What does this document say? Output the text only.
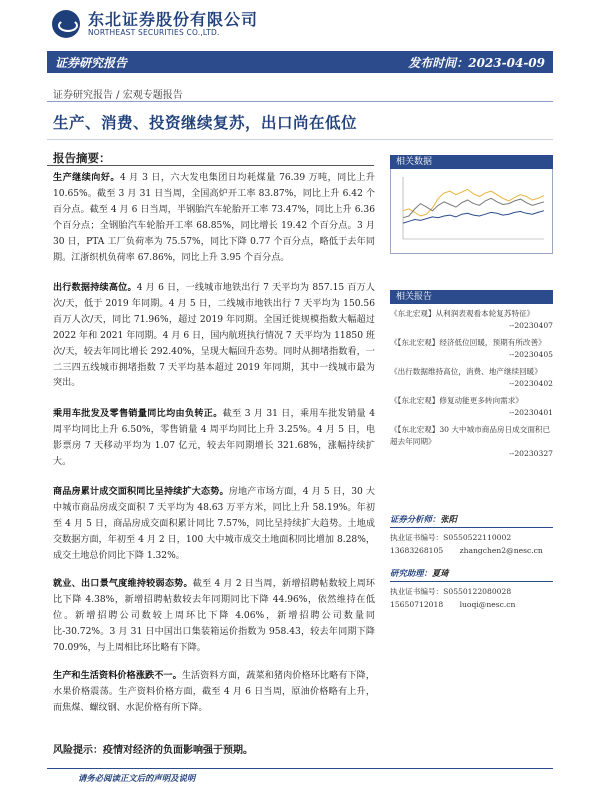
东北证券股份有限公司
NORTHEAST SECURITIES CO.,LTD.
证券研究报告	发布时间：2023-04-09
证券研究报告 / 宏观专题报告
生产、消费、投资继续复苏，出口尚在低位
报告摘要：
生产继续向好。4 月 3 日，六大发电集团日均耗煤量 76.39 万吨，同比上升 10.65%。截至 3 月 31 日当周，全国高炉开工率 83.87%，同比上升 6.42 个百分点。截至 4 月 6 日当周，半钢胎汽车轮胎开工率 73.47%，同比上升 6.36 个百分点；全钢胎汽车轮胎开工率 68.85%，同比增长 19.42 个百分点。3 月 30 日，PTA 工厂负荷率为 75.57%，同比下降 0.77 个百分点，略低于去年同期。江浙织机负荷率 67.86%，同比上升 3.95 个百分点。
出行数据持续高位。4 月 6 日，一线城市地铁出行 7 天平均为 857.15 百万人次/天，低于 2019 年同期。4 月 5 日，二线城市地铁出行 7 天平均为 150.56 百万人次/天，同比 71.96%，超过 2019 年同期。全国迁徙规模指数大幅超过 2022 年和 2021 年同期。4 月 6 日，国内航班执行情况 7 天平均为 11850 班次/天，较去年同比增长 292.40%，呈现大幅回升态势。同时从拥堵指数看，一二三四五线城市拥堵指数 7 天平均基本超过 2019 年同期，其中一线城市最为突出。
乘用车批发及零售销量同比均由负转正。截至 3 月 31 日，乘用车批发销量 4 周平均同比上升 6.50%，零售销量 4 周平均同比上升 3.25%。4 月 5 日，电影票房 7 天移动平均为 1.07 亿元，较去年同期增长 321.68%，涨幅持续扩大。
商品房累计成交面积同比呈持续扩大态势。房地产市场方面，4 月 5 日，30 大中城市商品房成交面积 7 天平均为 48.63 万平方米，同比上升 58.19%。年初至 4 月 5 日，商品房成交面积累计同比 7.57%，同比呈持续扩大趋势。土地成交数据方面，年初至 4 月 2 日，100 大中城市成交土地面积同比增加 8.28%，成交土地总价同比下降 1.32%。
就业、出口景气度维持较弱态势。截至 4 月 2 日当周，新增招聘帖数较上周环比下降 4.38%，新增招聘帖数较去年同期同比下降 44.96%，依然维持在低位。新增招聘公司数较上周环比下降 4.06%，新增招聘公司数量同比-30.72%。3 月 31 日中国出口集装箱运价指数为 958.43，较去年同期下降 70.09%，与上周相比环比略有下降。
生产和生活资料价格涨跌不一。生活资料方面，蔬菜和猪肉价格环比略有下降，水果价格震荡。生产资料价格方面，截至 4 月 6 日当周，原油价格略有上升，而焦煤、螺纹钢、水泥价格有所下降。
风险提示：疫情对经济的负面影响强于预期。
相关数据
相关报告
《东北宏观】从利润表观看本轮复苏特征》
--20230407
《【东北宏观】经济低位回暖，预期有所改善》
--20230405
《出行数据维持高位，消费、地产继续回暖》
--20230402
《【东北宏观】修复动能更多转向需求》
--20230401
《【东北宏观】30 大中城市商品房日成交面积已超去年同期》
--20230327
证券分析师：张阳
执业证书编号：S0550522110002
13683268105 zhangchen2@nesc.cn
研究助理：夏琦
执业证书编号：S0550122080028
15650712018 luoqi@nesc.cn
请务必阅读正文后的声明及说明
